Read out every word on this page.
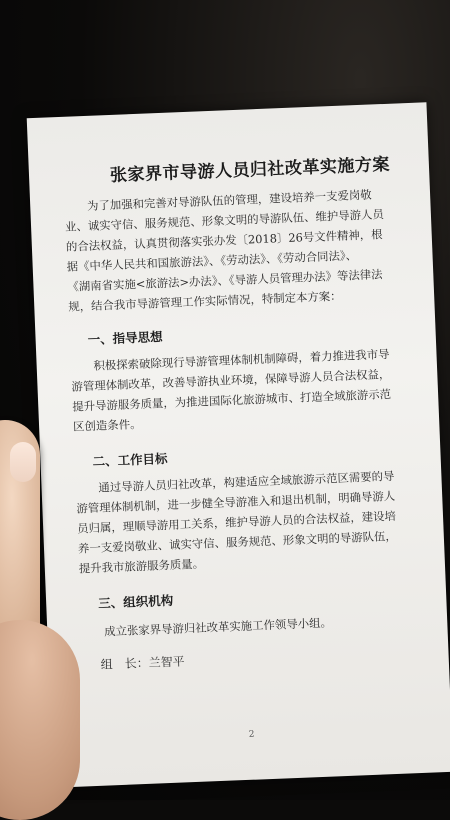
张家界市导游人员归社改革实施方案
为了加强和完善对导游队伍的管理，建设培养一支爱岗敬
业、诚实守信、服务规范、形象文明的导游队伍、维护导游人员
的合法权益，认真贯彻落实张办发〔2018〕26号文件精神，根
据《中华人民共和国旅游法》、《劳动法》、《劳动合同法》、
《湖南省实施<旅游法>办法》、《导游人员管理办法》等法律法
规，结合我市导游管理工作实际情况，特制定本方案：
一、指导思想
积极探索破除现行导游管理体制机制障碍，着力推进我市导
游管理体制改革，改善导游执业环境，保障导游人员合法权益，
提升导游服务质量，为推进国际化旅游城市、打造全域旅游示范
区创造条件。
二、工作目标
通过导游人员归社改革，构建适应全域旅游示范区需要的导
游管理体制机制，进一步健全导游准入和退出机制，明确导游人
员归属，理顺导游用工关系，维护导游人员的合法权益，建设培
养一支爱岗敬业、诚实守信、服务规范、形象文明的导游队伍，
提升我市旅游服务质量。
三、组织机构
成立张家界导游归社改革实施工作领导小组。
组　长：兰智平
2
